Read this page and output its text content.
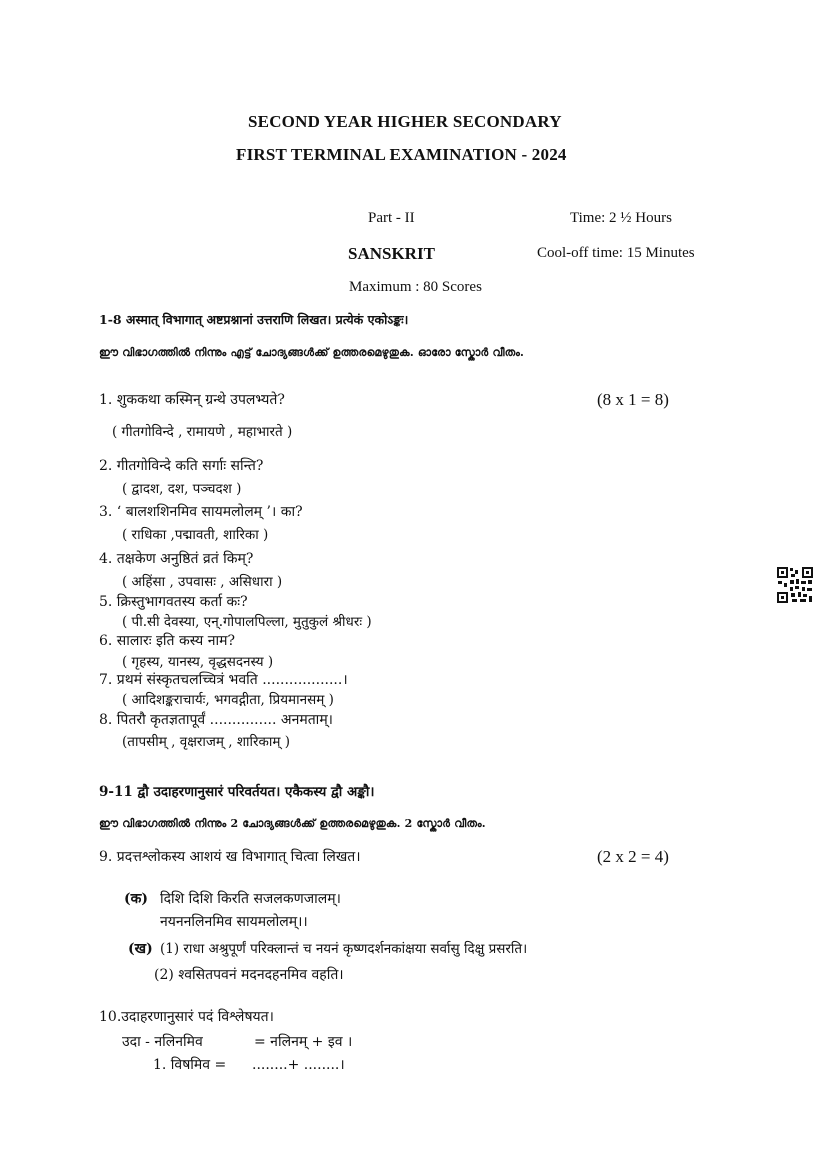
SECOND YEAR HIGHER SECONDARY
FIRST TERMINAL EXAMINATION - 2024
Part - II	Time: 2 ½ Hours
SANSKRIT	Cool-off time: 15 Minutes
Maximum : 80 Scores
1-8 अस्मात् विभागात् अष्टप्रश्नानां उत्तराणि लिखत। प्रत्येकं एकोऽङ्कः।
ഈ വിഭാഗത്തിൽ നിന്നും എട്ട് ചോദ്യങ്ങൾക്ക് ഉത്തരമെഴുതുക. ഓരോ സ്കോർ വീതം.
1. शुककथा कस्मिन् ग्रन्थे उपलभ्यते?	(8 x 1 = 8)
( गीतगोविन्दे , रामायणे , महाभारते )
2. गीतगोविन्दे कति सर्गाः सन्ति?
( द्वादश, दश, पञ्चदश )
3. ‘ बालशशिनमिव सायमलोलम् ’। का?
( राधिका ,पद्मावती, शारिका )
4. तक्षकेण अनुष्ठितं व्रतं किम्?
( अहिंसा , उपवासः , असिधारा )
5. क्रिस्तुभागवतस्य कर्ता कः?
( पी.सी देवस्या, एन्.गोपालपिल्ला, मुतुकुलं श्रीधरः )
6. सालारः इति कस्य नाम?
( गृहस्य, यानस्य, वृद्धसदनस्य )
7. प्रथमं संस्कृतचलच्चित्रं भवति ..................।
( आदिशङ्कराचार्यः, भगवद्गीता, प्रियमानसम् )
8. पितरौ कृतज्ञतापूर्वं ............... अनमताम्।
(तापसीम् , वृक्षराजम् , शारिकाम् )
9-11 द्वौ उदाहरणानुसारं परिवर्तयत। एकैकस्य द्वौ अङ्कौ।
ഈ വിഭാഗത്തിൽ നിന്നും 2 ചോദ്യങ്ങൾക്ക് ഉത്തരമെഴുതുക. 2 സ്കോർ വീതം.
9. प्रदत्तश्लोकस्य आशयं ख विभागात् चित्वा लिखत।	(2 x 2 = 4)
(क) दिशि दिशि किरति सजलकणजालम्।
नयननलिनमिव सायमलोलम्।।
(ख) (1) राधा अश्रुपूर्णं परिक्लान्तं च नयनं कृष्णदर्शनकांक्षया सर्वासु दिक्षु प्रसरति।
(2) श्वसितपवनं मदनदहनमिव वहति।
10.उदाहरणानुसारं पदं विश्लेषयत।
उदा - नलिनमिव	= नलिनम् + इव ।
1. विषमिव = ........+ ........।
